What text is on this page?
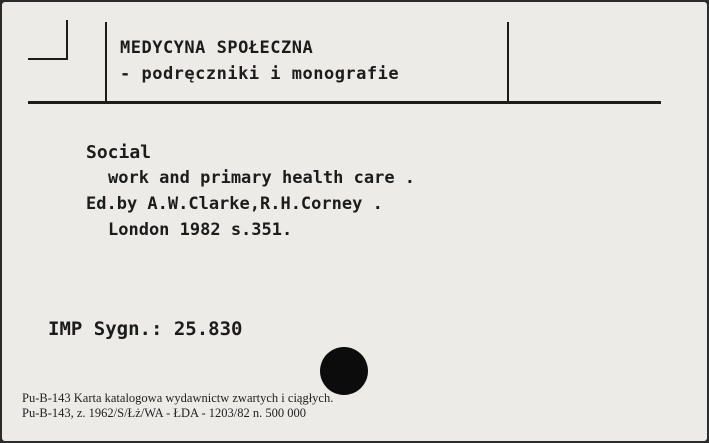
MEDYCYNA SPOŁECZNA
- podręczniki i monografie
Social
work and primary health care .
Ed.by A.W.Clarke,R.H.Corney .
London 1982 s.351.
IMP Sygn.: 25.830
Pu-B-143 Karta katalogowa wydawnictw zwartych i ciągłych.
Pu-B-143, z. 1962/S/Łż/WA - ŁDA - 1203/82 n. 500 000
